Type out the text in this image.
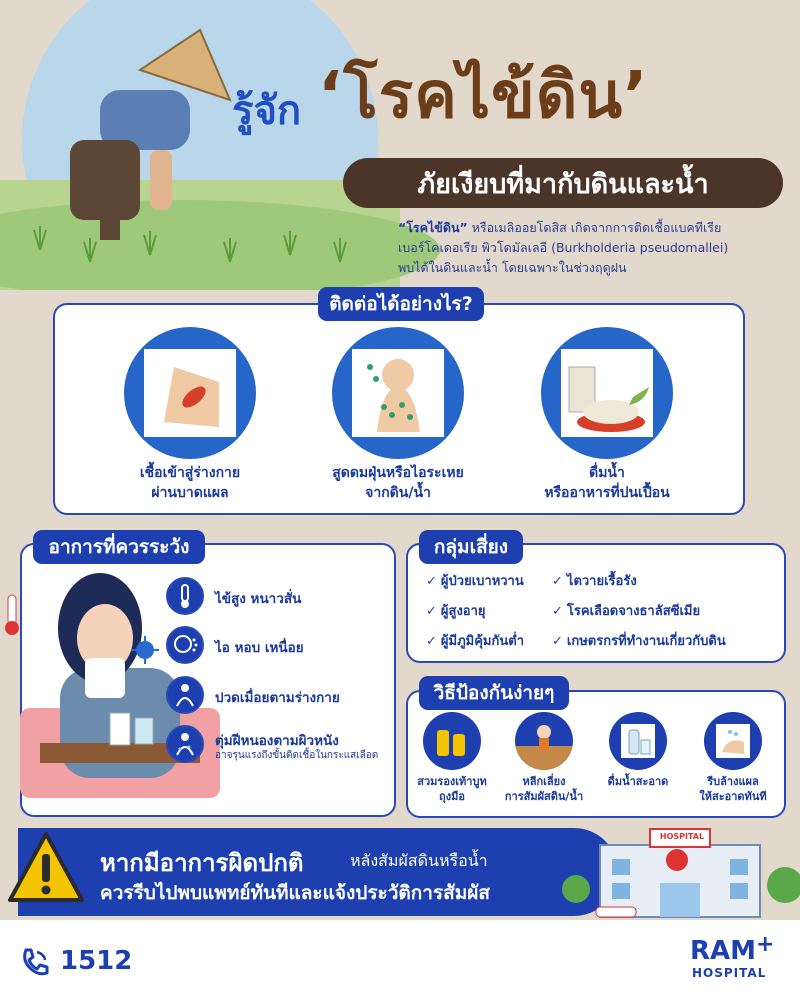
รู้จัก ‘โรคไข้ดิน’
ภัยเงียบที่มากับดินและน้ำ
“โรคไข้ดิน” หรือเมลิออยโดสิส เกิดจากการติดเชื้อแบคทีเรีย
เบอร์โคเดอเรีย พิวโดมัลเลอี (Burkholderia pseudomallei)
พบได้ในดินและน้ำ โดยเฉพาะในช่วงฤดูฝน
ติดต่อได้อย่างไร?
เชื้อเข้าสู่ร่างกาย
ผ่านบาดแผล
สูดดมฝุ่นหรือไอระเหย
จากดิน/น้ำ
ดื่มน้ำ
หรืออาหารที่ปนเปื้อน
อาการที่ควรระวัง
ไข้สูง หนาวสั่น
ไอ หอบ เหนื่อย
ปวดเมื่อยตามร่างกาย
ตุ่มฝีหนองตามผิวหนัง
อาจรุนแรงถึงขั้นติดเชื้อในกระแสเลือด
กลุ่มเสี่ยง
✓ ผู้ป่วยเบาหวาน
✓ ผู้สูงอายุ
✓ ผู้มีภูมิคุ้มกันต่ำ
✓ ไตวายเรื้อรัง
✓ โรคเลือดจางธาลัสซีเมีย
✓ เกษตรกรที่ทำงานเกี่ยวกับดิน
วิธีป้องกันง่ายๆ
สวมรองเท้าบูท
ถุงมือ
หลีกเลี่ยง
การสัมผัสดิน/น้ำ
ดื่มน้ำสะอาด	รีบล้างแผล
ให้สะอาดทันที
หากมีอาการผิดปกติ	หลังสัมผัสดินหรือน้ำ
ควรรีบไปพบแพทย์ทันทีและแจ้งประวัติการสัมผัส
HOSPITAL
1512	RAM +
HOSPITAL
